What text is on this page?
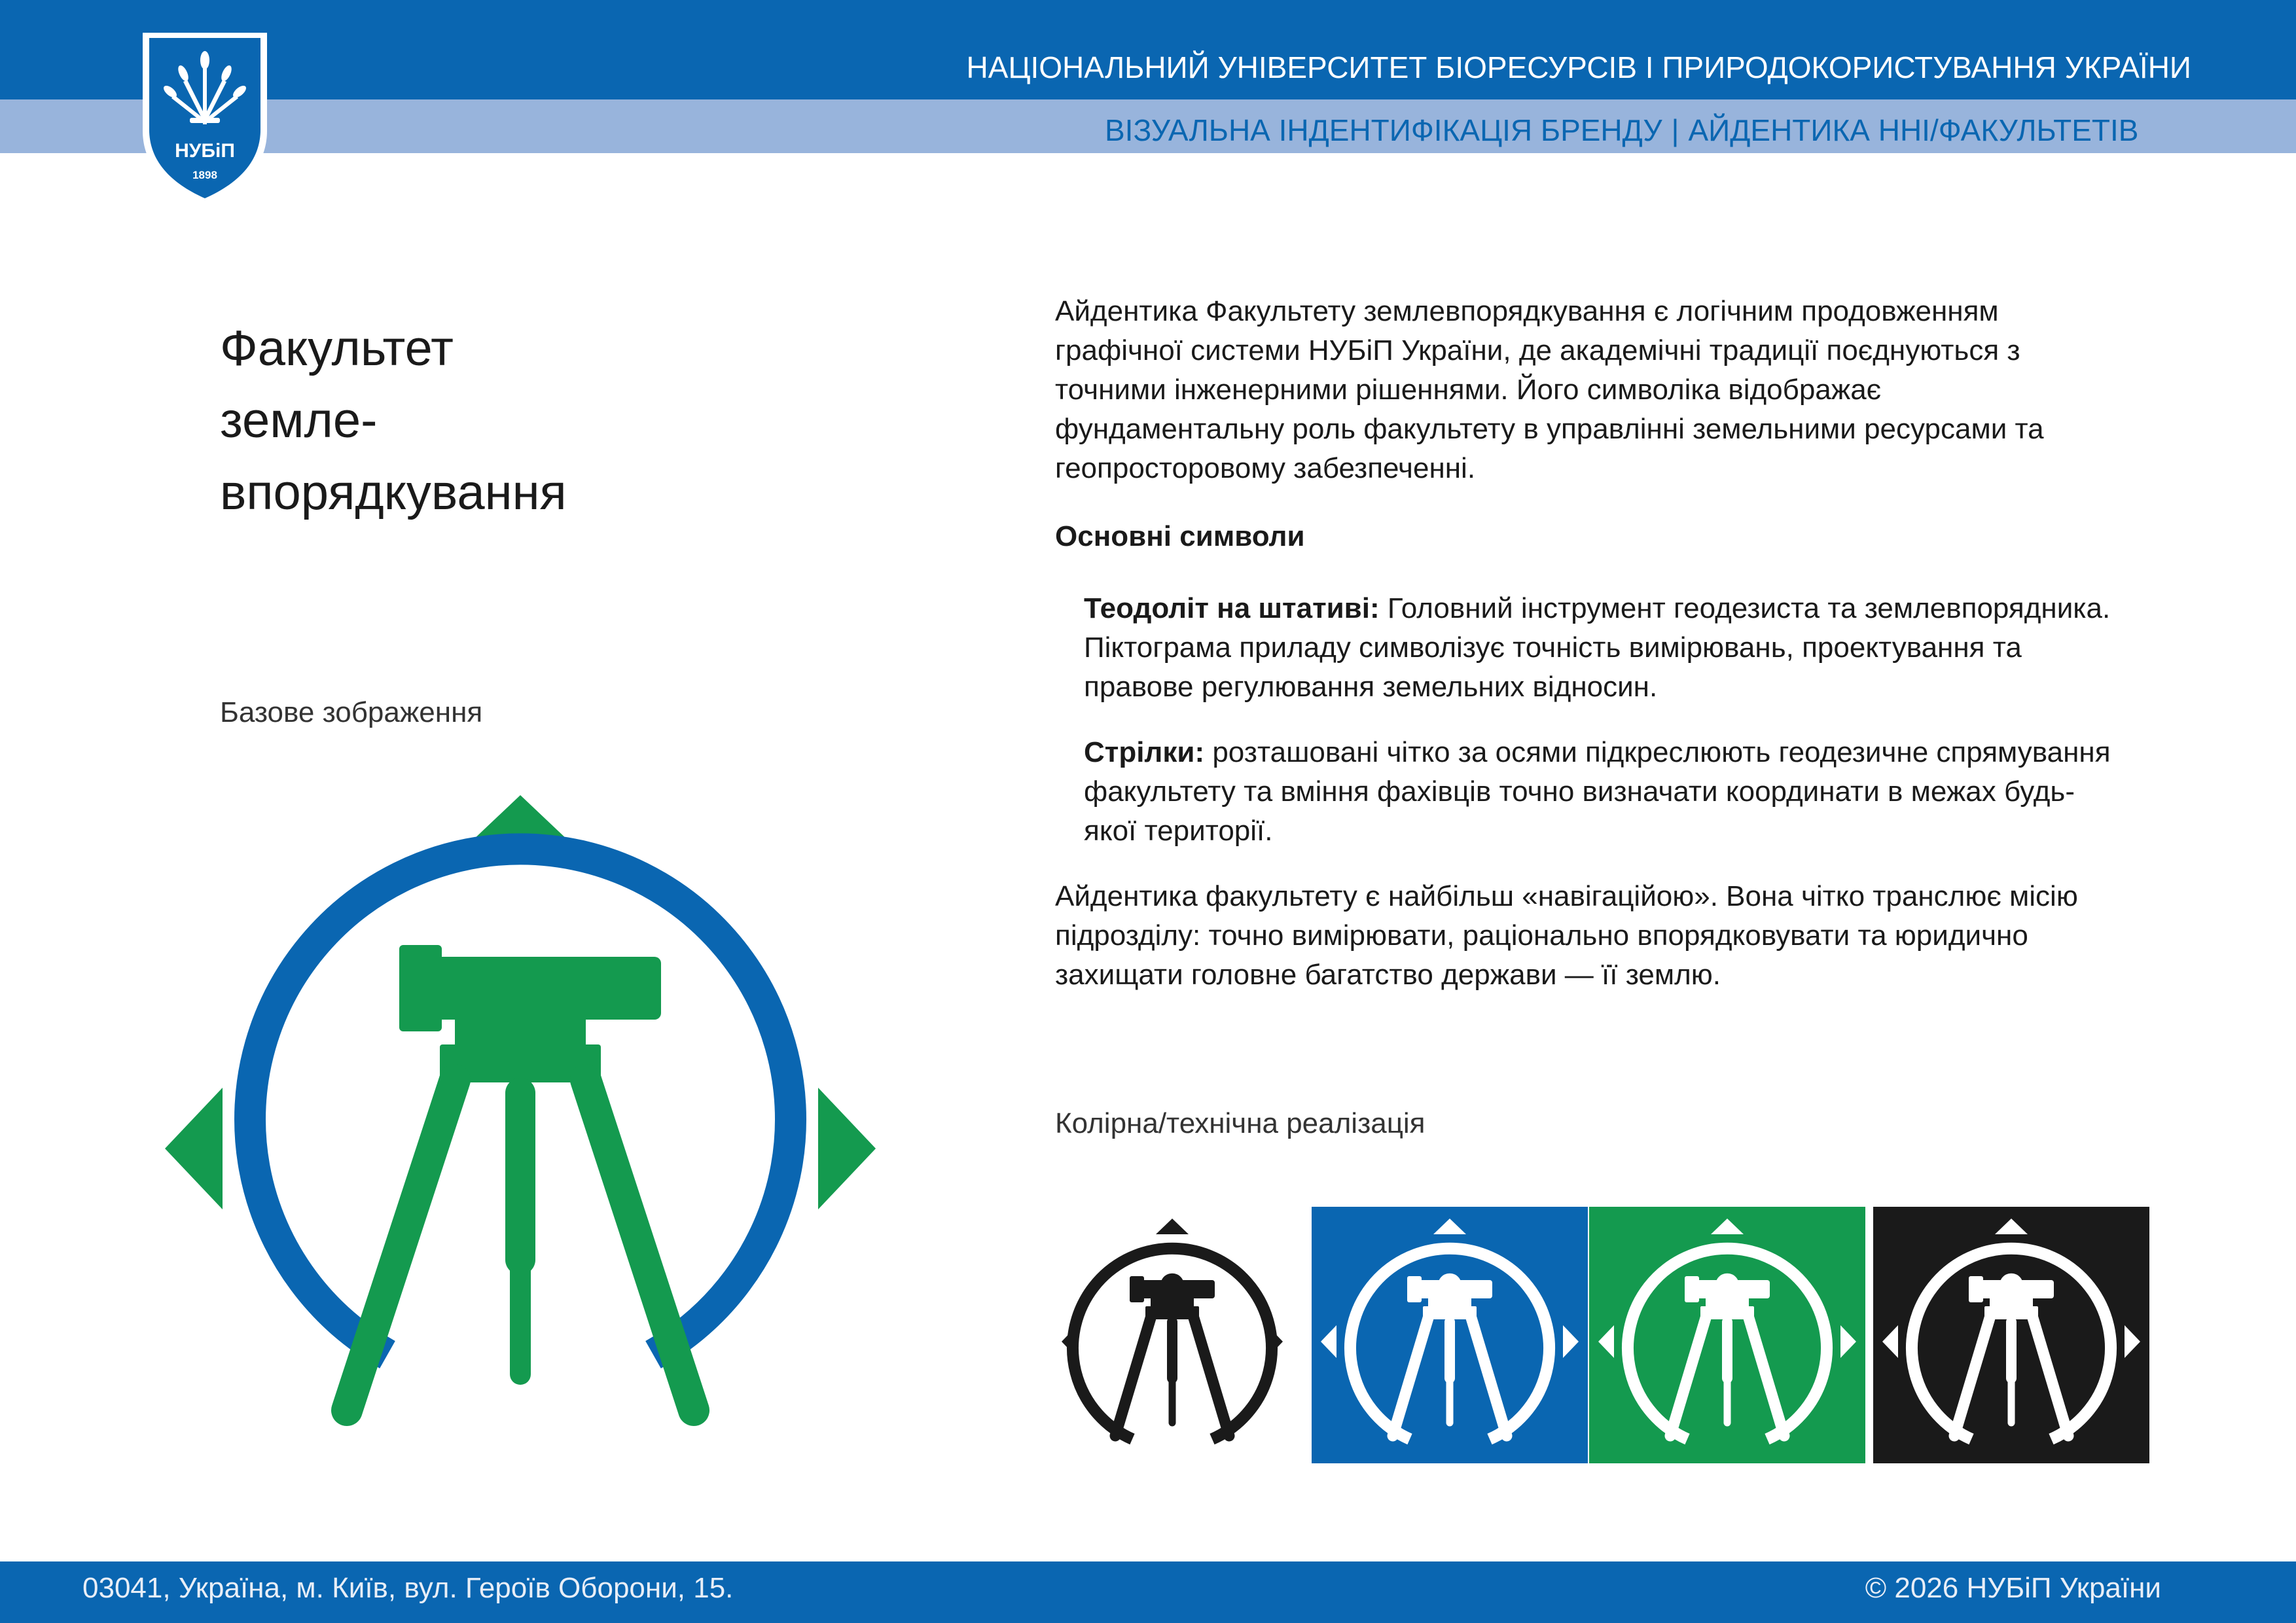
НАЦІОНАЛЬНИЙ УНІВЕРСИТЕТ БІОРЕСУРСІВ І ПРИРОДОКОРИСТУВАННЯ УКРАЇНИ
ВІЗУАЛЬНА ІНДЕНТИФІКАЦІЯ БРЕНДУ | АЙДЕНТИКА ННІ/ФАКУЛЬТЕТІВ
НУБіП
1898
Факультет
земле-
впорядкування
Базове зображення

Айдентика Факультету землевпорядкування є логічним продовженням графічної системи НУБіП України, де академічні традиції поєднуються з точними інженерними рішеннями. Його символіка відображає фундаментальну роль факультету в управлінні земельними ресурсами та геопросторовому забезпеченні.

Основні символи

Теодоліт на штативі: Головний інструмент геодезиста та землевпорядника. Піктограма приладу символізує точність вимірювань, проектування та правове регулювання земельних відносин.

Стрілки: розташовані чітко за осями підкреслюють геодезичне спрямування факультету та вміння фахівців точно визначати координати в межах будь-якої території.

Айдентика факультету є найбільш «навігаційою». Вона чітко транслює місію підрозділу: точно вимірювати, раціонально впорядковувати та юридично захищати головне багатство держави — її землю.

Колірна/технічна реалізація
03041, Україна, м. Київ, вул. Героїв Оборони, 15.	© 2026 НУБіП України
